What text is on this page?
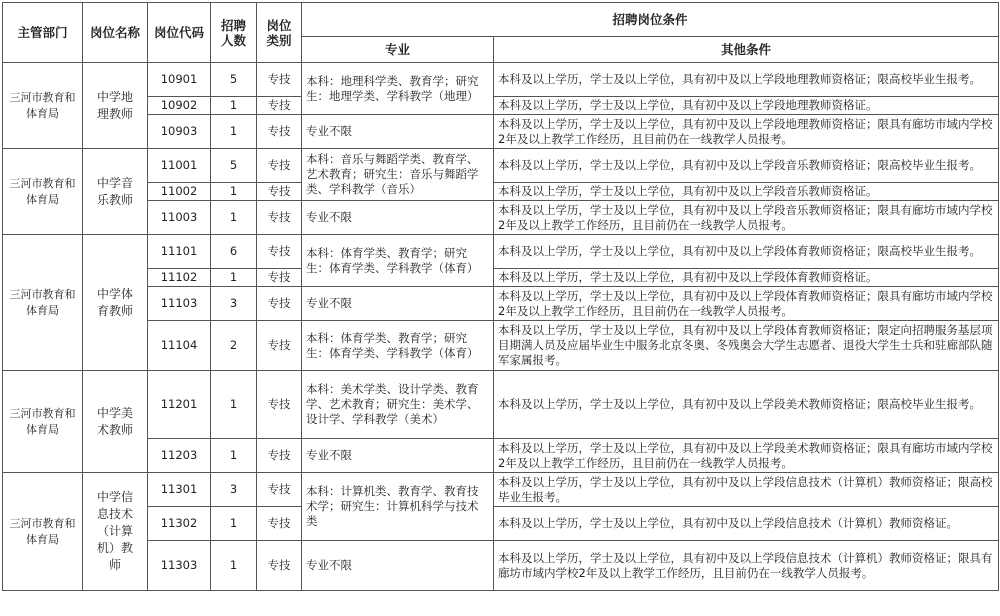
主管部门	岗位名称	岗位代码	招聘人数	岗位类别	招聘岗位条件	
					专业	其他条件
三河市教育和体育局	中学地理教师	10901	5	专技	本科：地理科学类、教育学；研究生：地理学类、学科教学（地理）	本科及以上学历，学士及以上学位，具有初中及以上学段地理教师资格证；限高校毕业生报考。
		10902	1	专技		本科及以上学历，学士及以上学位，具有初中及以上学段地理教师资格证。
		10903	1	专技	专业不限	本科及以上学历，学士及以上学位，具有初中及以上学段地理教师资格证；限具有廊坊市域内学校2年及以上教学工作经历，且目前仍在一线教学人员报考。
三河市教育和体育局	中学音乐教师	11001	5	专技	本科：音乐与舞蹈学类、教育学、艺术教育；研究生：音乐与舞蹈学类、学科教学（音乐）	本科及以上学历，学士及以上学位，具有初中及以上学段音乐教师资格证；限高校毕业生报考。
		11002	1	专技		本科及以上学历，学士及以上学位，具有初中及以上学段音乐教师资格证。
		11003	1	专技	专业不限	本科及以上学历，学士及以上学位，具有初中及以上学段音乐教师资格证；限具有廊坊市域内学校2年及以上教学工作经历，且目前仍在一线教学人员报考。
三河市教育和体育局	中学体育教师	11101	6	专技	本科：体育学类、教育学；研究生：体育学类、学科教学（体育）	本科及以上学历，学士及以上学位，具有初中及以上学段体育教师资格证；限高校毕业生报考。
		11102	1	专技		本科及以上学历，学士及以上学位，具有初中及以上学段体育教师资格证。
		11103	3	专技	专业不限	本科及以上学历，学士及以上学位，具有初中及以上学段体育教师资格证；限具有廊坊市域内学校2年及以上教学工作经历，且目前仍在一线教学人员报考。
		11104	2	专技	本科：体育学类、教育学；研究生：体育学类、学科教学（体育）	本科及以上学历，学士及以上学位，具有初中及以上学段体育教师资格证；限定向招聘服务基层项目期满人员及应届毕业生中服务北京冬奥、冬残奥会大学生志愿者、退役大学生士兵和驻廊部队随军家属报考。
三河市教育和体育局	中学美术教师	11201	1	专技	本科：美术学类、设计学类、教育学、艺术教育；研究生：美术学、设计学、学科教学（美术）	本科及以上学历，学士及以上学位，具有初中及以上学段美术教师资格证；限高校毕业生报考。
		11203	1	专技	专业不限	本科及以上学历，学士及以上学位，具有初中及以上学段美术教师资格证；限具有廊坊市域内学校2年及以上教学工作经历，且目前仍在一线教学人员报考。
三河市教育和体育局	中学信息技术（计算机）教师	11301	3	专技	本科：计算机类、教育学、教育技术学；研究生：计算机科学与技术类	本科及以上学历，学士及以上学位，具有初中及以上学段信息技术（计算机）教师资格证；限高校毕业生报考。
		11302	1	专技		本科及以上学历，学士及以上学位，具有初中及以上学段信息技术（计算机）教师资格证。
		11303	1	专技	专业不限	本科及以上学历，学士及以上学位，具有初中及以上学段信息技术（计算机）教师资格证；限具有廊坊市域内学校2年及以上教学工作经历，且目前仍在一线教学人员报考。
